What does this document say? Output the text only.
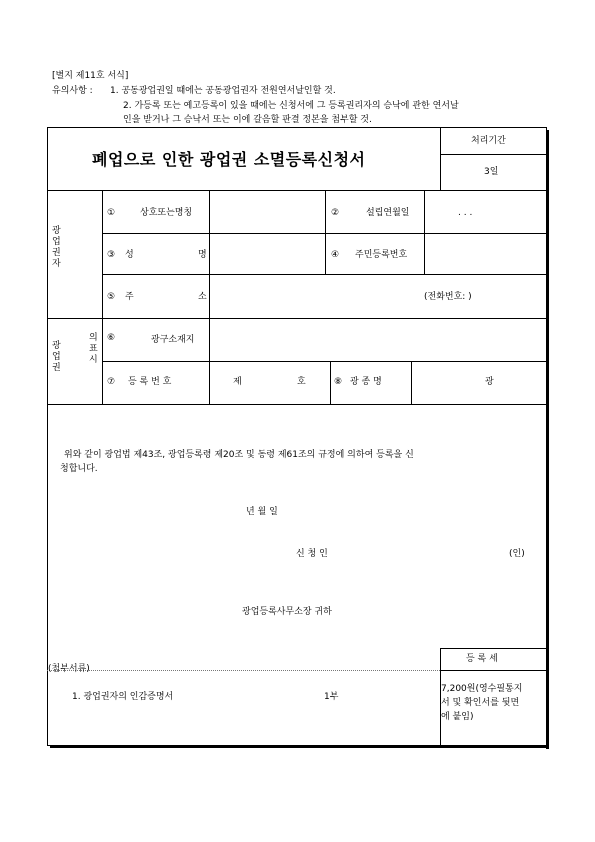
[별지 제11호 서식]
유의사항 : 1. 공동광업권일 때에는 공동광업권자 전원연서날인할 것.
2. 가등록 또는 예고등록이 있을 때에는 신청서에 그 등록권리자의 승낙에 관한 연서날
인을 받거나 그 승낙서 또는 이에 갈음할 판결 정본을 첨부할 것.
폐업으로 인한 광업권 소멸등록신청서
처리기간
3일
광
업
권
자
①	상호또는명칭	②	설립연월일	. . .
③ 성	명	④ 주민등록번호
⑤ 주	소	(전화번호: )
광
업
권
의
표
시
⑥	광구소재지
⑦ 등 록 번 호	제	호	⑧ 광 종 명	광
위와 같이 광업법 제43조, 광업등록령 제20조 및 동령 제61조의 규정에 의하여 등록을 신
청합니다.
년 월 일
신 청 인	(인)
광업등록사무소장 귀하
(첨부서류)
1. 광업권자의 인감증명서	1부
등 록 세
7,200원(영수필통지
서 및 확인서를 뒷면
에 붙임)
